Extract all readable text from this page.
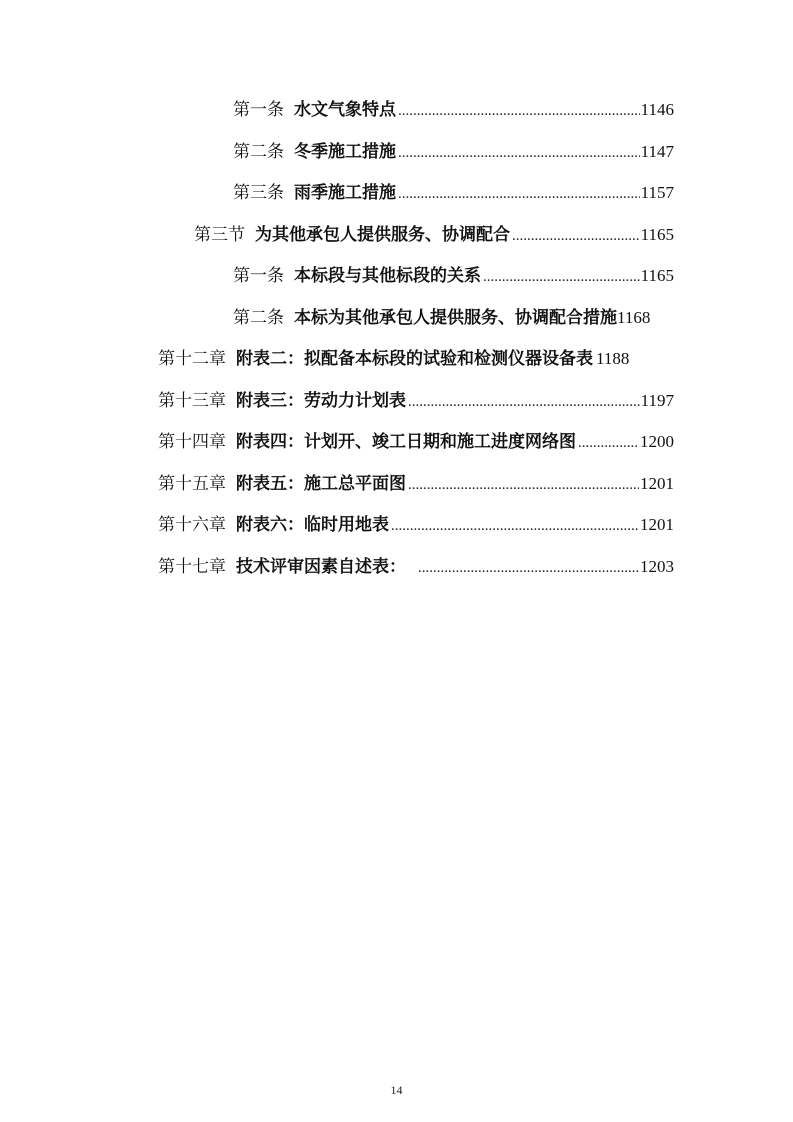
第一条 水文气象特点 .....	1146
第二条 冬季施工措施 .....	1147
第三条 雨季施工措施 .....	1157
第三节 为其他承包人提供服务、协调配合 .....	1165
第一条 本标段与其他标段的关系 .....	1165
第二条 本标为其他承包人提供服务、协调配合措施 1168
第十二章 附表二：拟配备本标段的试验和检测仪器设备表 1188
第十三章 附表三：劳动力计划表 .....	1197
第十四章 附表四：计划开、竣工日期和施工进度网络图 .....	1200
第十五章 附表五：施工总平面图 .....	1201
第十六章 附表六：临时用地表 .....	1201
第十七章 技术评审因素自述表： .....	1203
14
